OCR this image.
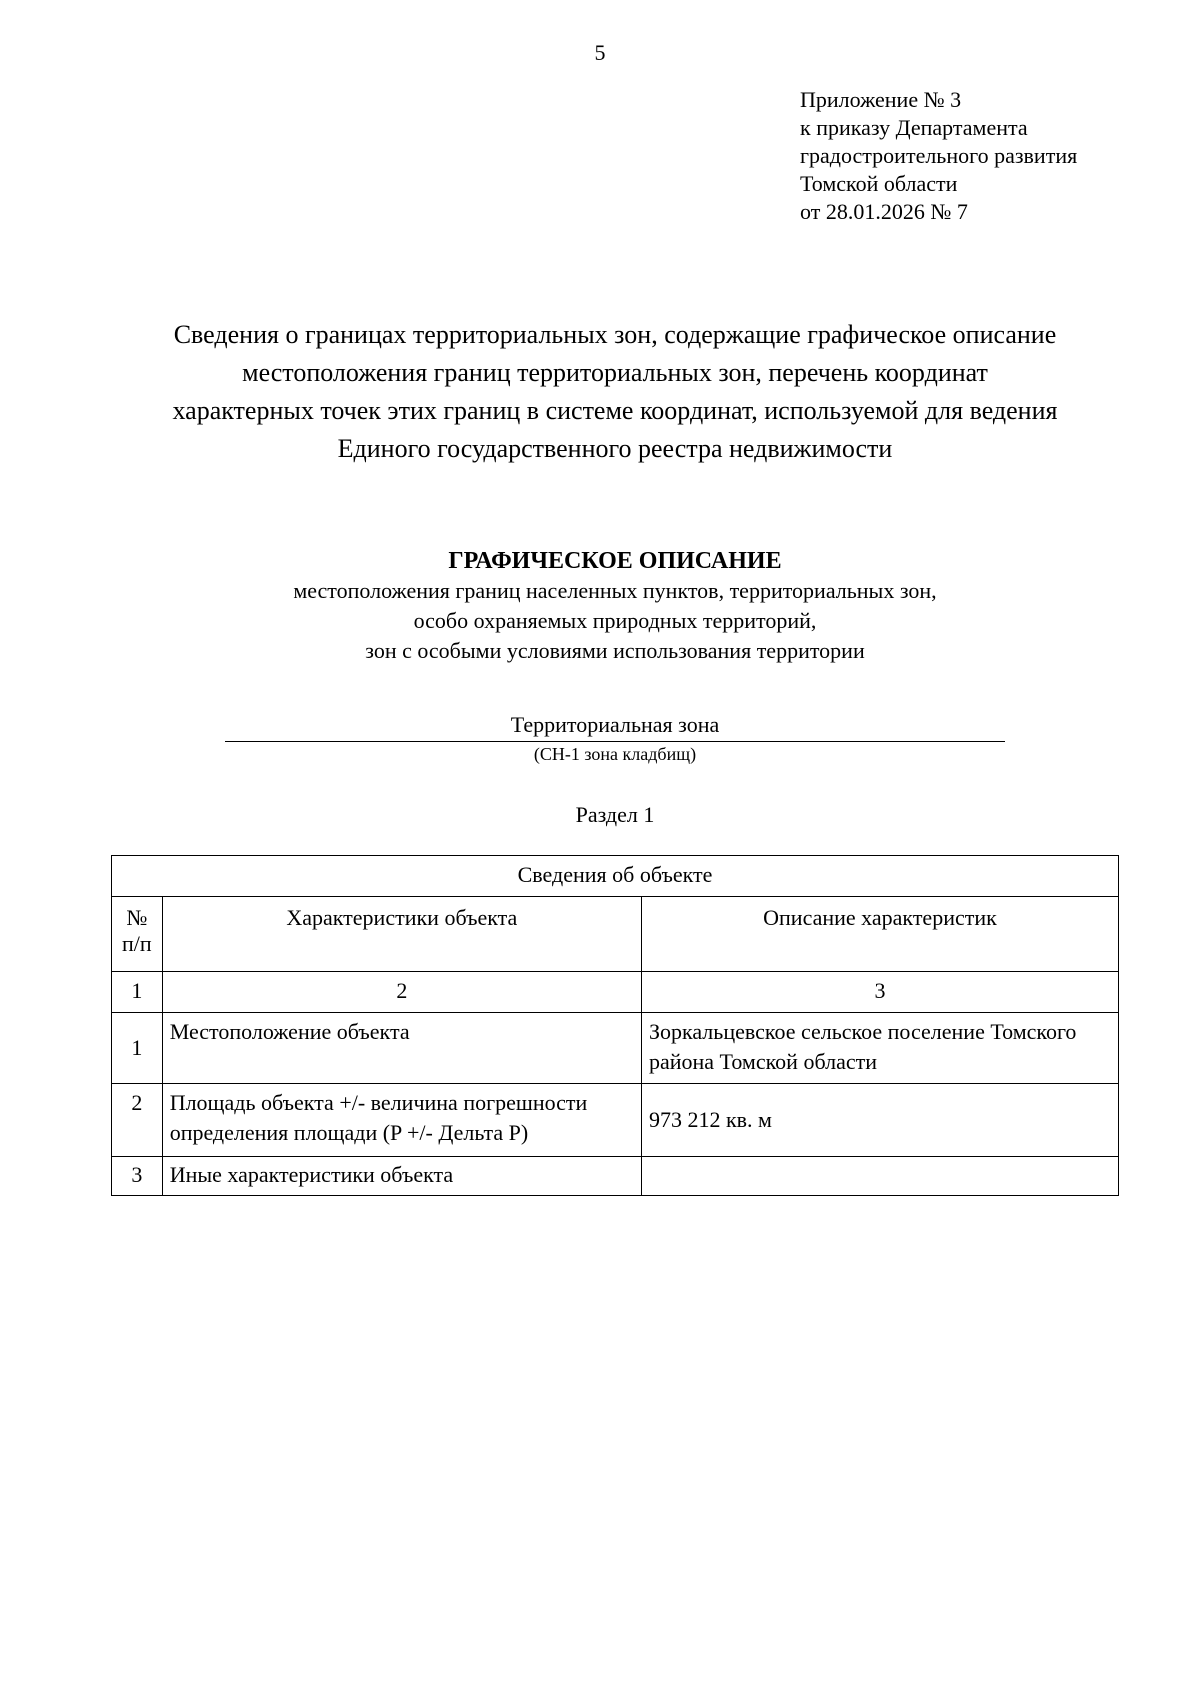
5
Приложение № 3
к приказу Департамента
градостроительного развития
Томской области
от 28.01.2026 № 7
Сведения о границах территориальных зон, содержащие графическое описание
местоположения границ территориальных зон, перечень координат
характерных точек этих границ в системе координат, используемой для ведения
Единого государственного реестра недвижимости
ГРАФИЧЕСКОЕ ОПИСАНИЕ
местоположения границ населенных пунктов, территориальных зон,
особо охраняемых природных территорий,
зон с особыми условиями использования территории
Территориальная зона
(СН-1 зона кладбищ)
Раздел 1
Сведения об объекте		
№ п/п	Характеристики объекта	Описание характеристик
1	2	3
1	Местоположение объекта	Зоркальцевское сельское поселение Томского района Томской области
2	Площадь объекта +/- величина погрешности определения площади (P +/- Дельта P)	973 212 кв. м
3	Иные характеристики объекта	
